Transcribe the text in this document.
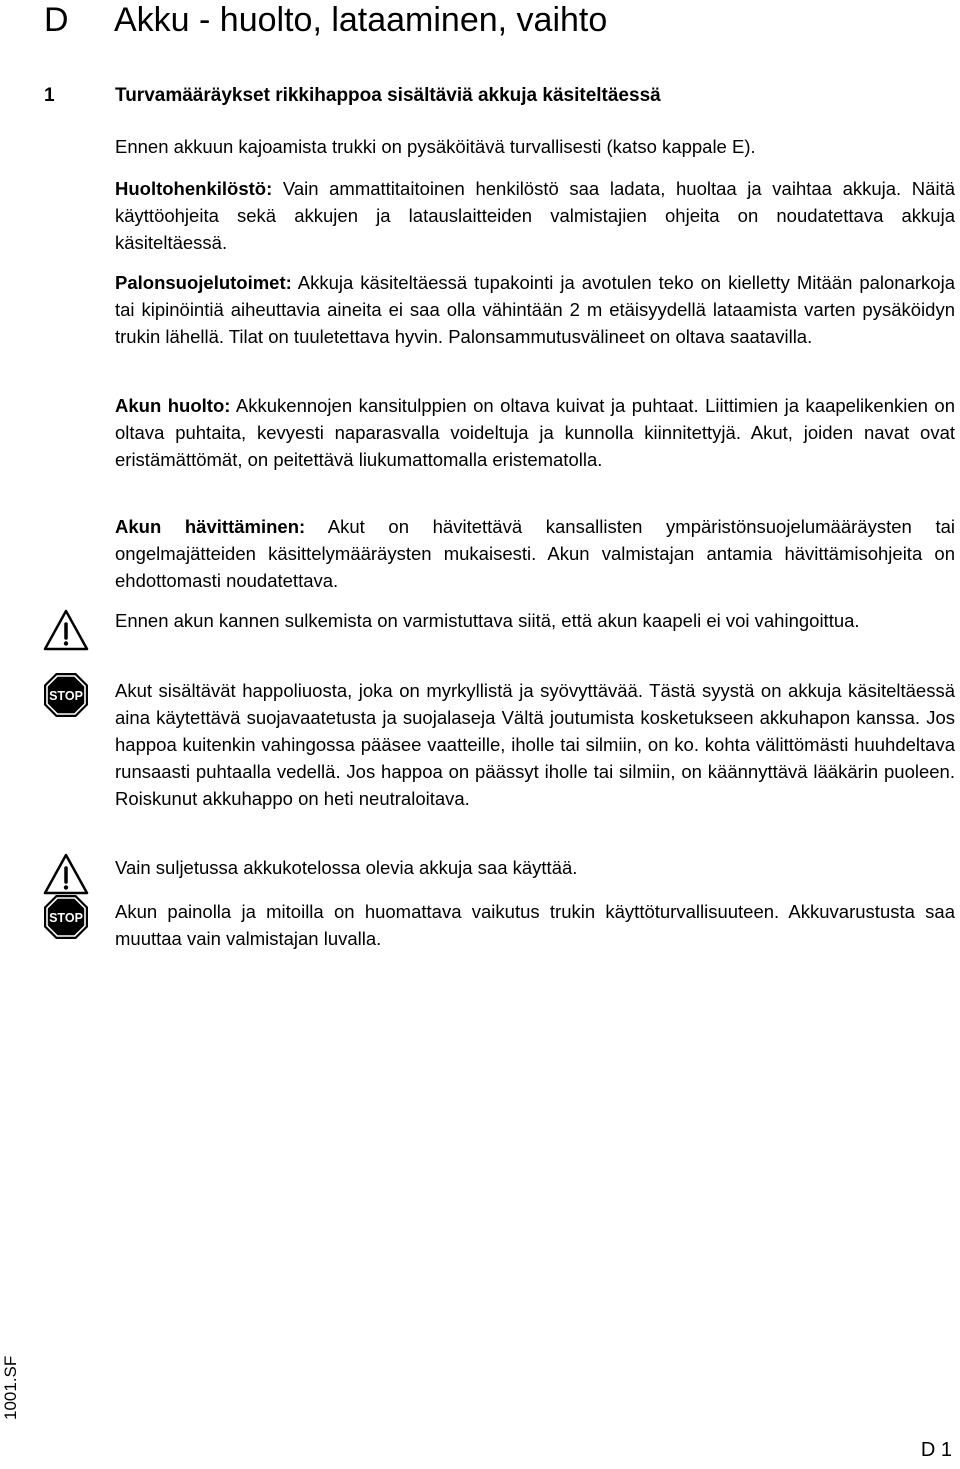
D Akku - huolto, lataaminen, vaihto
1	Turvamääräykset rikkihappoa sisältäviä akkuja käsiteltäessä

Ennen akkuun kajoamista trukki on pysäköitävä turvallisesti (katso kappale E).

Huoltohenkilöstö: Vain ammattitaitoinen henkilöstö saa ladata, huoltaa ja vaihtaa akkuja. Näitä käyttöohjeita sekä akkujen ja latauslaitteiden valmistajien ohjeita on noudatettava akkuja käsiteltäessä.

Palonsuojelutoimet: Akkuja käsiteltäessä tupakointi ja avotulen teko on kielletty Mitään palonarkoja tai kipinöintiä aiheuttavia aineita ei saa olla vähintään 2 m etäisyydellä lataamista varten pysäköidyn trukin lähellä. Tilat on tuuletettava hyvin. Palonsammutusvälineet on oltava saatavilla.

Akun huolto: Akkukennojen kansitulppien on oltava kuivat ja puhtaat. Liittimien ja kaapelikenkien on oltava puhtaita, kevyesti naparasvalla voideltuja ja kunnolla kiinnitettyjä. Akut, joiden navat ovat eristämättömät, on peitettävä liukumattomalla eristematolla.

Akun hävittäminen: Akut on hävitettävä kansallisten ympäristönsuojelumääräysten tai ongelmajätteiden käsittelymääräysten mukaisesti. Akun valmistajan antamia hävittämisohjeita on ehdottomasti noudatettava.

Ennen akun kannen sulkemista on varmistuttava siitä, että akun kaapeli ei voi vahingoittua.

STOP Akut sisältävät happoliuosta, joka on myrkyllistä ja syövyttävää. Tästä syystä on akkuja käsiteltäessä aina käytettävä suojavaatetusta ja suojalaseja Vältä joutumista kosketukseen akkuhapon kanssa. Jos happoa kuitenkin vahingossa pääsee vaatteille, iholle tai silmiin, on ko. kohta välittömästi huuhdeltava runsaasti puhtaalla vedellä. Jos happoa on päässyt iholle tai silmiin, on käännyttävä lääkärin puoleen. Roiskunut akkuhappo on heti neutraloitava.

Vain suljetussa akkukotelossa olevia akkuja saa käyttää.

STOP Akun painolla ja mitoilla on huomattava vaikutus trukin käyttöturvallisuuteen. Akkuvarustusta saa muuttaa vain valmistajan luvalla.

1001.SF
D 1
